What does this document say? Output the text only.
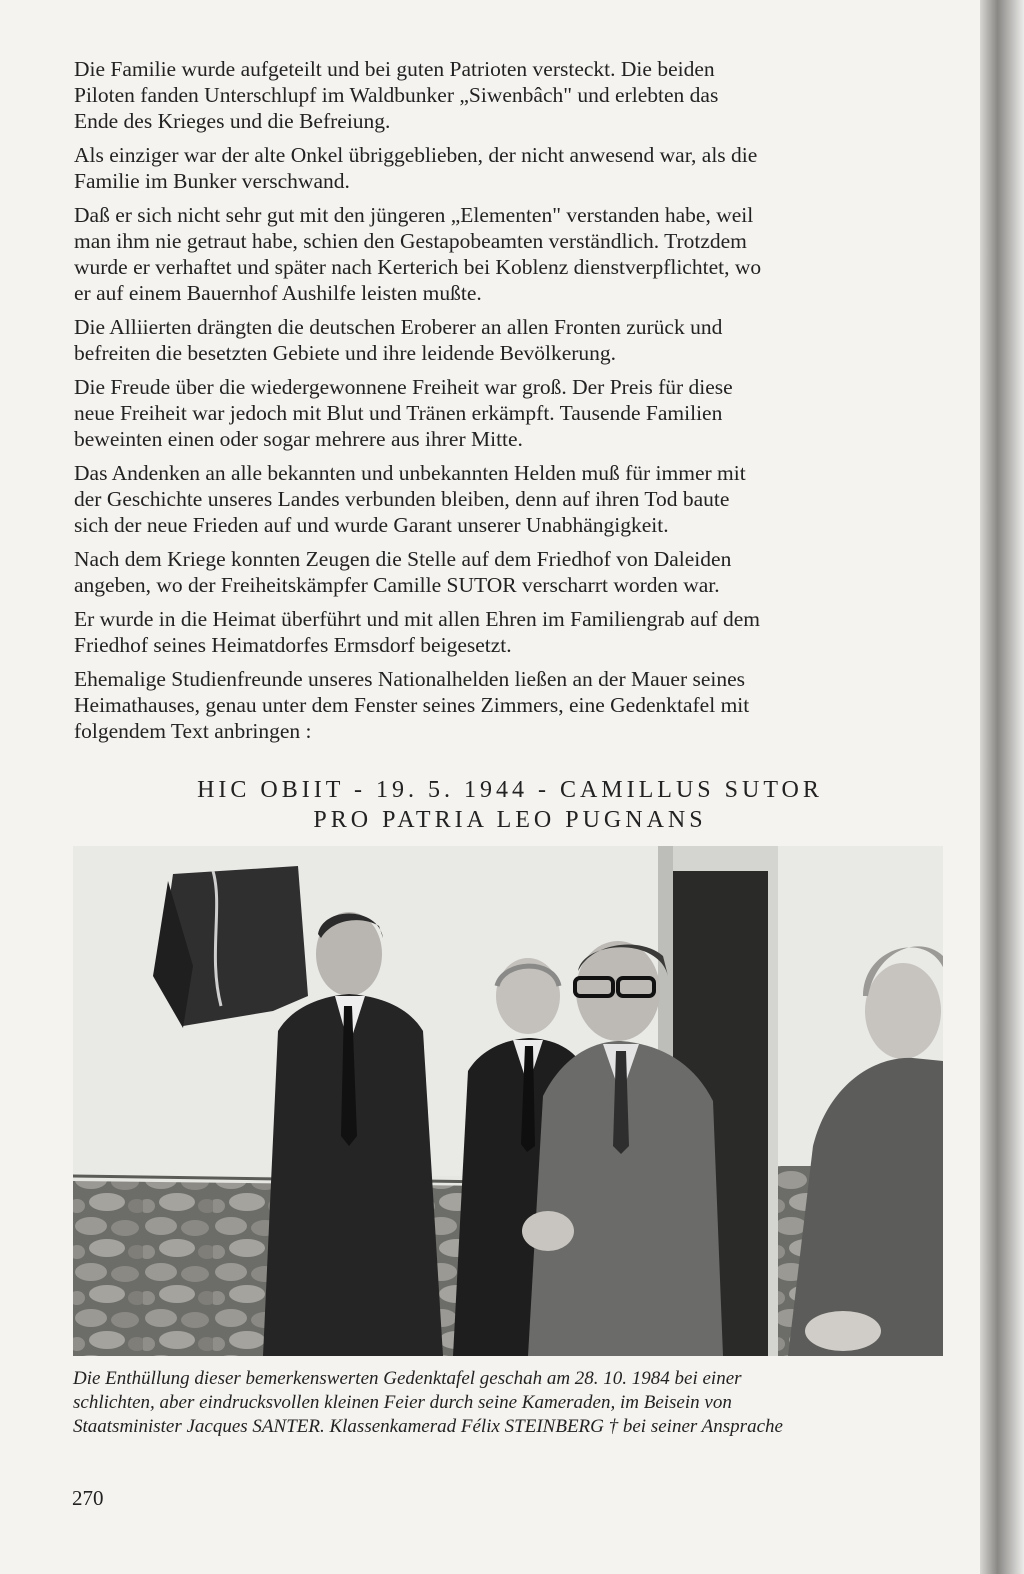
Die Familie wurde aufgeteilt und bei guten Patrioten versteckt. Die beiden
Piloten fanden Unterschlupf im Waldbunker „Siwenbâch" und erlebten das
Ende des Krieges und die Befreiung.

Als einziger war der alte Onkel übriggeblieben, der nicht anwesend war, als die
Familie im Bunker verschwand.

Daß er sich nicht sehr gut mit den jüngeren „Elementen" verstanden habe, weil
man ihm nie getraut habe, schien den Gestapobeamten verständlich. Trotzdem
wurde er verhaftet und später nach Kerterich bei Koblenz dienstverpflichtet, wo
er auf einem Bauernhof Aushilfe leisten mußte.

Die Alliierten drängten die deutschen Eroberer an allen Fronten zurück und
befreiten die besetzten Gebiete und ihre leidende Bevölkerung.

Die Freude über die wiedergewonnene Freiheit war groß. Der Preis für diese
neue Freiheit war jedoch mit Blut und Tränen erkämpft. Tausende Familien
beweinten einen oder sogar mehrere aus ihrer Mitte.

Das Andenken an alle bekannten und unbekannten Helden muß für immer mit
der Geschichte unseres Landes verbunden bleiben, denn auf ihren Tod baute
sich der neue Frieden auf und wurde Garant unserer Unabhängigkeit.

Nach dem Kriege konnten Zeugen die Stelle auf dem Friedhof von Daleiden
angeben, wo der Freiheitskämpfer Camille SUTOR verscharrt worden war.

Er wurde in die Heimat überführt und mit allen Ehren im Familiengrab auf dem
Friedhof seines Heimatdorfes Ermsdorf beigesetzt.

Ehemalige Studienfreunde unseres Nationalhelden ließen an der Mauer seines
Heimathauses, genau unter dem Fenster seines Zimmers, eine Gedenktafel mit
folgendem Text anbringen :

HIC OBIIT - 19. 5. 1944 - CAMILLUS SUTOR
PRO PATRIA LEO PUGNANS
Die Enthüllung dieser bemerkenswerten Gedenktafel geschah am 28. 10. 1984 bei einer
schlichten, aber eindrucksvollen kleinen Feier durch seine Kameraden, im Beisein von
Staatsminister Jacques SANTER. Klassenkamerad Félix STEINBERG † bei seiner Ansprache
270
